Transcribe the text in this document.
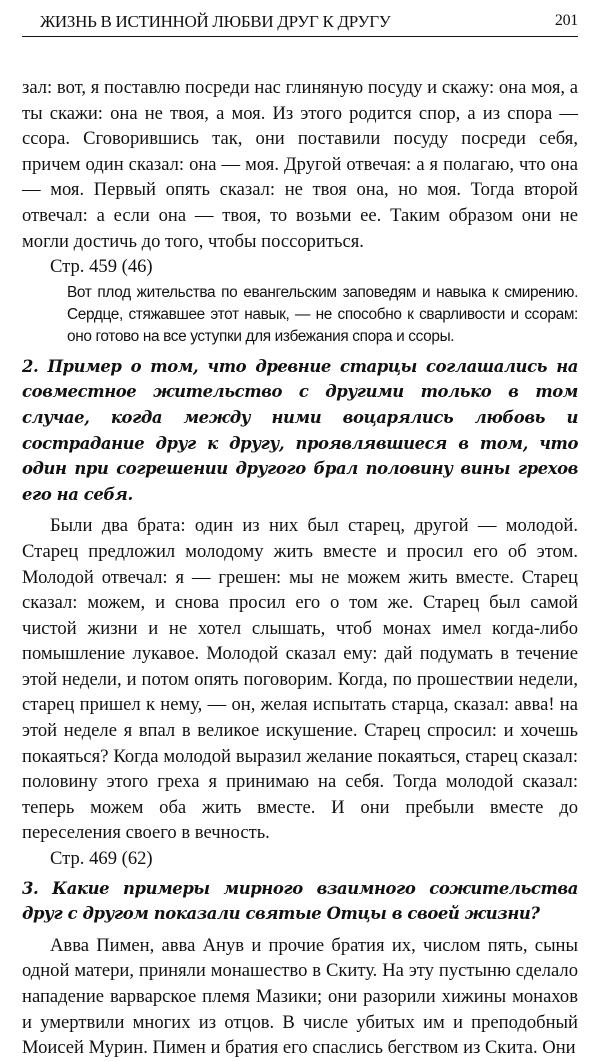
ЖИЗНЬ В ИСТИННОЙ ЛЮБВИ ДРУГ К ДРУГУ	201

зал: вот, я поставлю посреди нас глиняную посуду и скажу: она моя, а ты скажи: она не твоя, а моя. Из этого родится спор, а из спора — ссора. Сговорившись так, они поставили посуду посреди себя, причем один сказал: она — моя. Другой отвечая: а я полагаю, что она — моя. Первый опять сказал: не твоя она, но моя. Тогда второй отвечал: а если она — твоя, то возьми ее. Таким образом они не могли достичь до того, чтобы поссориться.

Стр. 459 (46)

Вот плод жительства по евангельским заповедям и навыка к смирению. Сердце, стяжавшее этот навык, — не способно к сварливости и ссорам: оно готово на все уступки для избежания спора и ссоры.

2. Пример о том, что древние старцы соглашались на совместное жительство с другими только в том случае, когда между ними воцарялись любовь и сострадание друг к другу, проявлявшиеся в том, что один при согрешении другого брал половину вины грехов его на себя.

Были два брата: один из них был старец, другой — молодой. Старец предложил молодому жить вместе и просил его об этом. Молодой отвечал: я — грешен: мы не можем жить вместе. Старец сказал: можем, и снова просил его о том же. Старец был самой чистой жизни и не хотел слышать, чтоб монах имел когда-либо помышление лукавое. Молодой сказал ему: дай подумать в течение этой недели, и потом опять поговорим. Когда, по прошествии недели, старец пришел к нему, — он, желая испытать старца, сказал: авва! на этой неделе я впал в великое искушение. Старец спросил: и хочешь покаяться? Когда молодой выразил желание покаяться, старец сказал: половину этого греха я принимаю на себя. Тогда молодой сказал: теперь можем оба жить вместе. И они пребыли вместе до переселения своего в вечность.

Стр. 469 (62)

3. Какие примеры мирного взаимного сожительства друг с другом показали святые Отцы в своей жизни?

Авва Пимен, авва Анув и прочие братия их, числом пять, сыны одной матери, приняли монашество в Скиту. На эту пустыню сделало нападение варварское племя Мазики; они разорили хижины монахов и умертвили многих из отцов. В числе убитых им и преподобный Моисей Мурин. Пимен и братия его спаслись бегством из Скита. Они
